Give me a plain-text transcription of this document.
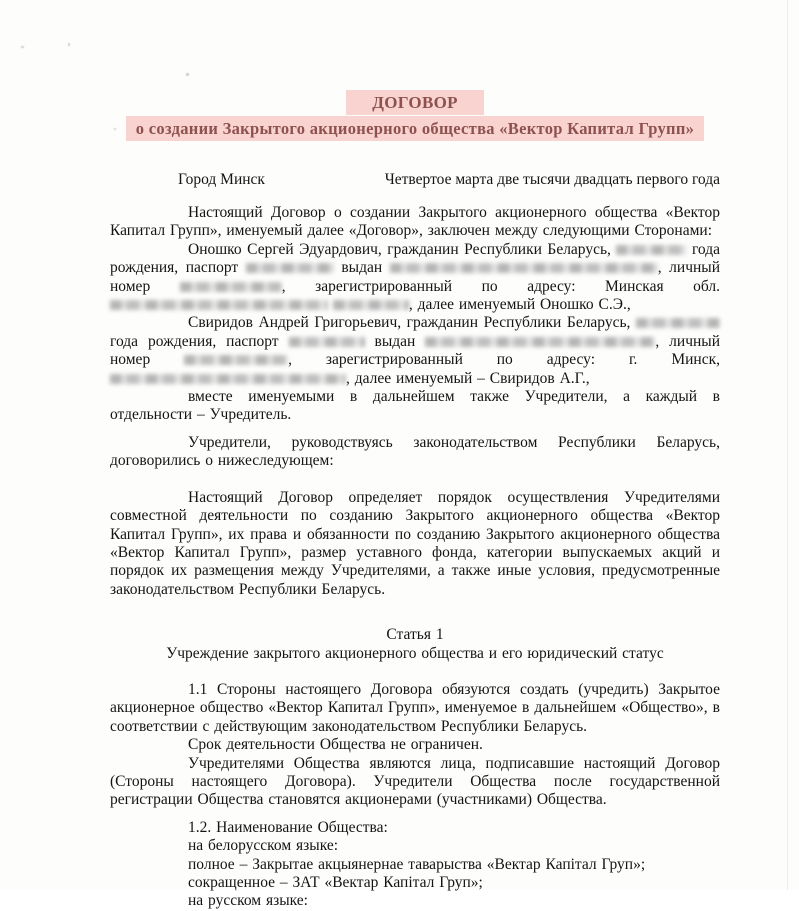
ДОГОВОР
о создании Закрытого акционерного общества «Вектор Капитал Групп»
Город Минск	Четвертое марта две тысячи двадцать первого года

Настоящий Договор о создании Закрытого акционерного общества «Вектор Капитал Групп», именуемый далее «Договор», заключен между следующими Сторонами:

Оношко Сергей Эдуардович, гражданин Республики Беларусь,	года рождения, паспорт	выдан	, личный номер	, зарегистрированный по адресу: Минская обл.  , далее именуемый Оношко С.Э.,

Свиридов Андрей Григорьевич, гражданин Республики Беларусь,  года рождения, паспорт	выдан	, личный номер	, зарегистрированный по адресу: г. Минск, , далее именуемый – Свиридов А.Г.,

вместе именуемыми в дальнейшем также Учредители, а каждый в отдельности – Учредитель.

Учредители, руководствуясь законодательством Республики Беларусь, договорились о нижеследующем:

Настоящий Договор определяет порядок осуществления Учредителями совместной деятельности по созданию Закрытого акционерного общества «Вектор Капитал Групп», их права и обязанности по созданию Закрытого акционерного общества «Вектор Капитал Групп», размер уставного фонда, категории выпускаемых акций и порядок их размещения между Учредителями, а также иные условия, предусмотренные законодательством Республики Беларусь.

Статья 1

Учреждение закрытого акционерного общества и его юридический статус

1.1 Стороны настоящего Договора обязуются создать (учредить) Закрытое акционерное общество «Вектор Капитал Групп», именуемое в дальнейшем «Общество», в соответствии с действующим законодательством Республики Беларусь.

Срок деятельности Общества не ограничен.

Учредителями Общества являются лица, подписавшие настоящий Договор (Стороны настоящего Договора). Учредители Общества после государственной регистрации Общества становятся акционерами (участниками) Общества.

1.2. Наименование Общества:

на белорусском языке:

полное – Закрытае акцыянернае таварыства «Вектар Капітал Груп»;

сокращенное – ЗАТ «Вектар Капітал Груп»;

на русском языке:
